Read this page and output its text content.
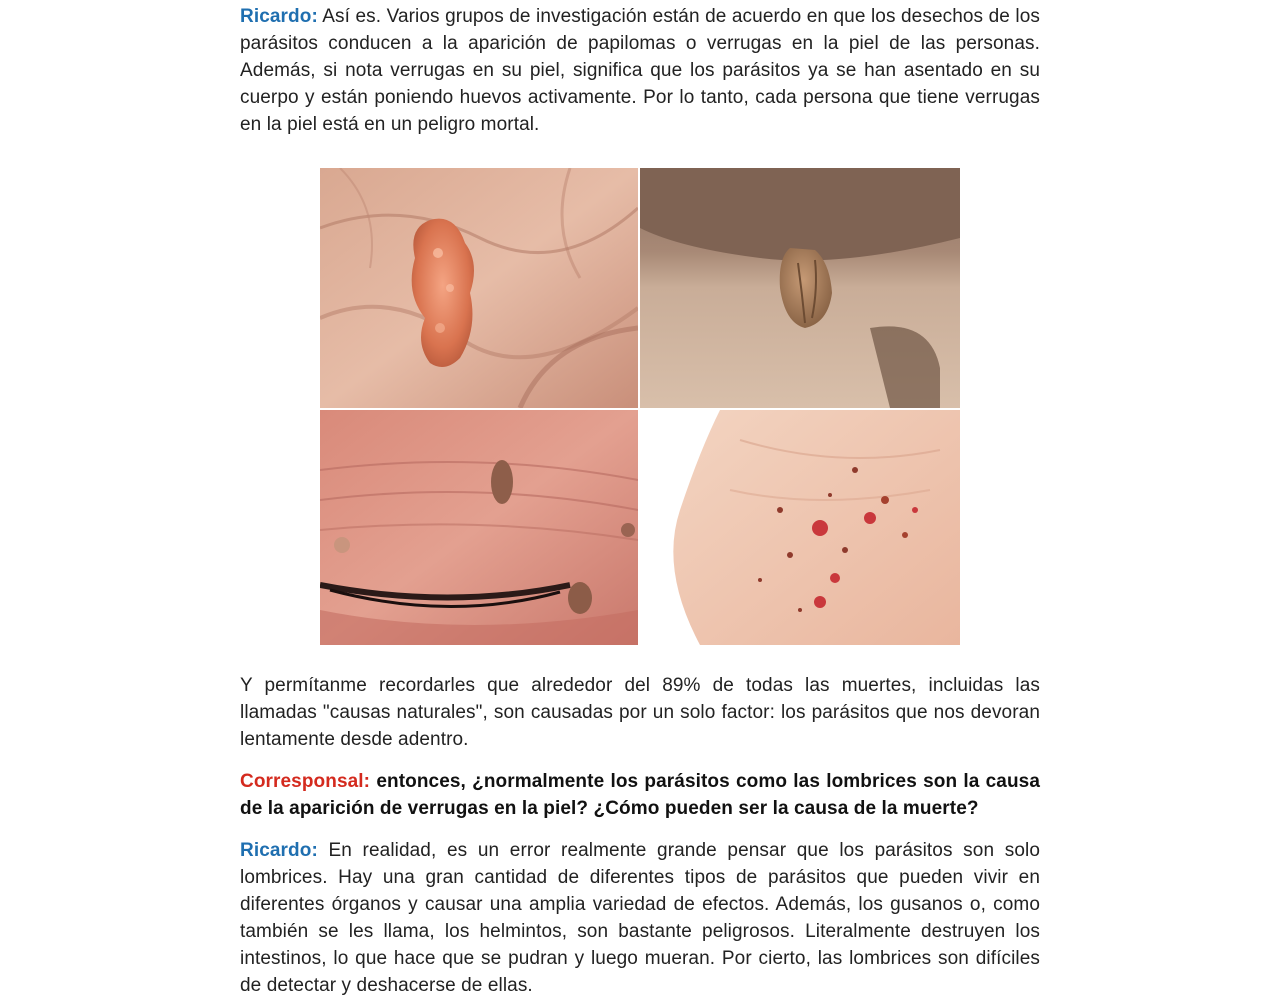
Ricardo: Así es. Varios grupos de investigación están de acuerdo en que los desechos de los parásitos conducen a la aparición de papilomas o verrugas en la piel de las personas. Además, si nota verrugas en su piel, significa que los parásitos ya se han asentado en su cuerpo y están poniendo huevos activamente. Por lo tanto, cada persona que tiene verrugas en la piel está en un peligro mortal.

Y permítanme recordarles que alrededor del 89% de todas las muertes, incluidas las llamadas "causas naturales", son causadas por un solo factor: los parásitos que nos devoran lentamente desde adentro.

Corresponsal: entonces, ¿normalmente los parásitos como las lombrices son la causa de la aparición de verrugas en la piel? ¿Cómo pueden ser la causa de la muerte?

Ricardo: En realidad, es un error realmente grande pensar que los parásitos son solo lombrices. Hay una gran cantidad de diferentes tipos de parásitos que pueden vivir en diferentes órganos y causar una amplia variedad de efectos. Además, los gusanos o, como también se les llama, los helmintos, son bastante peligrosos. Literalmente destruyen los intestinos, lo que hace que se pudran y luego mueran. Por cierto, las lombrices son difíciles de detectar y deshacerse de ellas.
